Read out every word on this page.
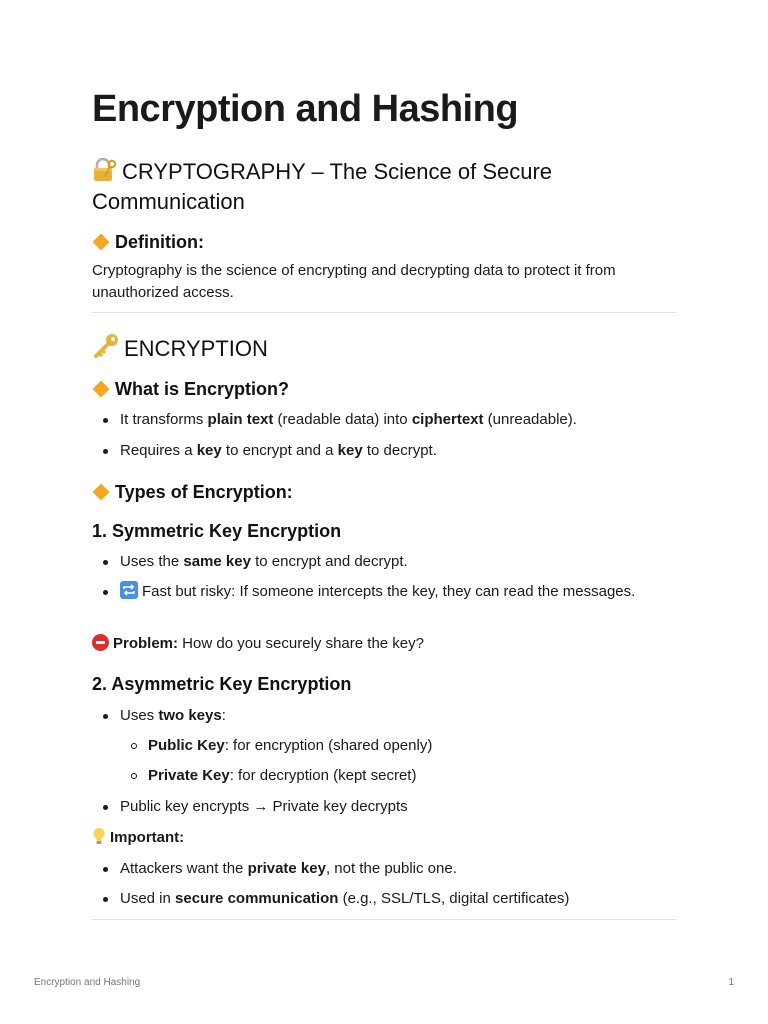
Encryption and Hashing
CRYPTOGRAPHY – The Science of Secure Communication
Definition:
Cryptography is the science of encrypting and decrypting data to protect it from unauthorized access.
ENCRYPTION
What is Encryption?
It transforms plain text (readable data) into ciphertext (unreadable).
Requires a key to encrypt and a key to decrypt.
Types of Encryption:
1. Symmetric Key Encryption
Uses the same key to encrypt and decrypt.
Fast but risky: If someone intercepts the key, they can read the messages.
Problem: How do you securely share the key?
2. Asymmetric Key Encryption
Uses two keys:
Public Key: for encryption (shared openly)
Private Key: for decryption (kept secret)
Public key encrypts → Private key decrypts
Important:
Attackers want the private key, not the public one.
Used in secure communication (e.g., SSL/TLS, digital certificates)
Encryption and Hashing	1
